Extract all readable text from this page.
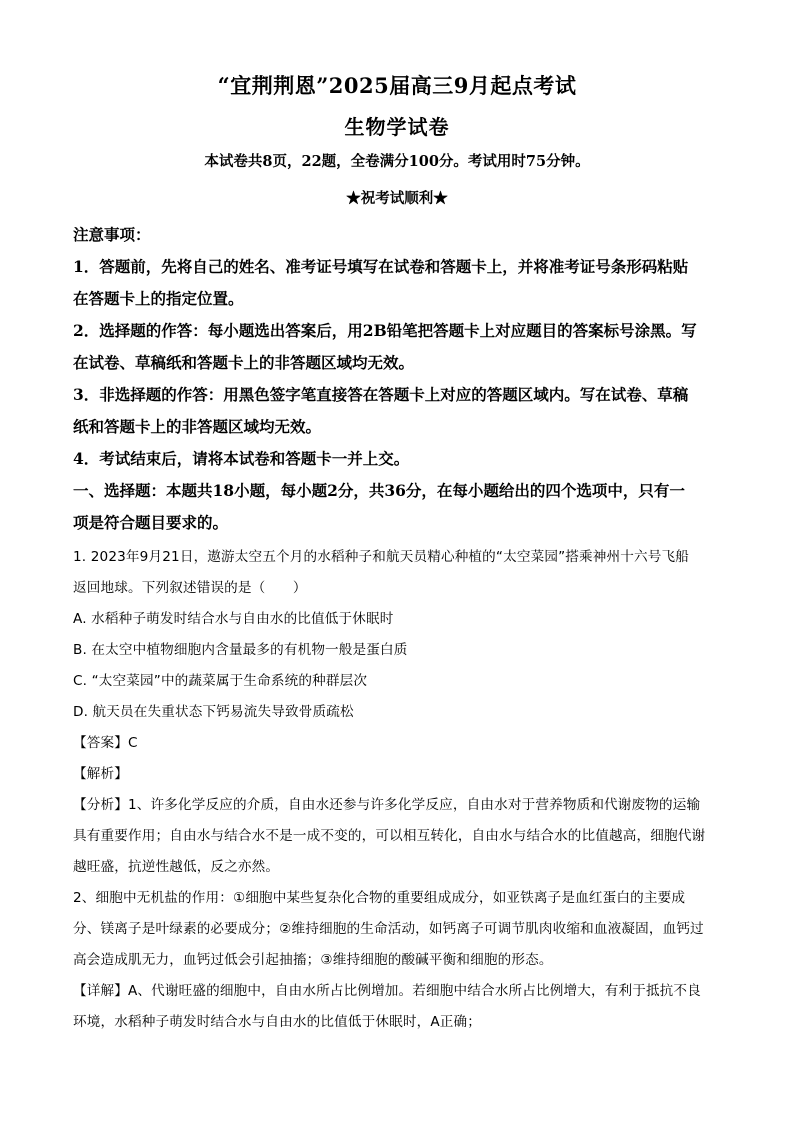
“宜荆荆恩”2025届高三9月起点考试
生物学试卷
本试卷共8页，22题，全卷满分100分。考试用时75分钟。
★祝考试顺利★
注意事项：
1．答题前，先将自己的姓名、准考证号填写在试卷和答题卡上，并将准考证号条形码粘贴
在答题卡上的指定位置。
2．选择题的作答：每小题选出答案后，用2B铅笔把答题卡上对应题目的答案标号涂黑。写
在试卷、草稿纸和答题卡上的非答题区域均无效。
3．非选择题的作答：用黑色签字笔直接答在答题卡上对应的答题区域内。写在试卷、草稿
纸和答题卡上的非答题区域均无效。
4．考试结束后，请将本试卷和答题卡一并上交。
一、选择题：本题共18小题，每小题2分，共36分，在每小题给出的四个选项中，只有一
项是符合题目要求的。
1. 2023年9月21日，遨游太空五个月的水稻种子和航天员精心种植的“太空菜园”搭乘神州十六号飞船
返回地球。下列叙述错误的是（　　）
A. 水稻种子萌发时结合水与自由水的比值低于休眠时
B. 在太空中植物细胞内含量最多的有机物一般是蛋白质
C. “太空菜园”中的蔬菜属于生命系统的种群层次
D. 航天员在失重状态下钙易流失导致骨质疏松
【答案】C
【解析】
【分析】1、许多化学反应的介质，自由水还参与许多化学反应，自由水对于营养物质和代谢废物的运输
具有重要作用；自由水与结合水不是一成不变的，可以相互转化，自由水与结合水的比值越高，细胞代谢
越旺盛，抗逆性越低，反之亦然。
2、细胞中无机盐的作用：①细胞中某些复杂化合物的重要组成成分，如亚铁离子是血红蛋白的主要成
分、镁离子是叶绿素的必要成分；②维持细胞的生命活动，如钙离子可调节肌肉收缩和血液凝固，血钙过
高会造成肌无力，血钙过低会引起抽搐；③维持细胞的酸碱平衡和细胞的形态。
【详解】A、代谢旺盛的细胞中，自由水所占比例增加。若细胞中结合水所占比例增大，有利于抵抗不良
环境，水稻种子萌发时结合水与自由水的比值低于休眠时，A正确；
